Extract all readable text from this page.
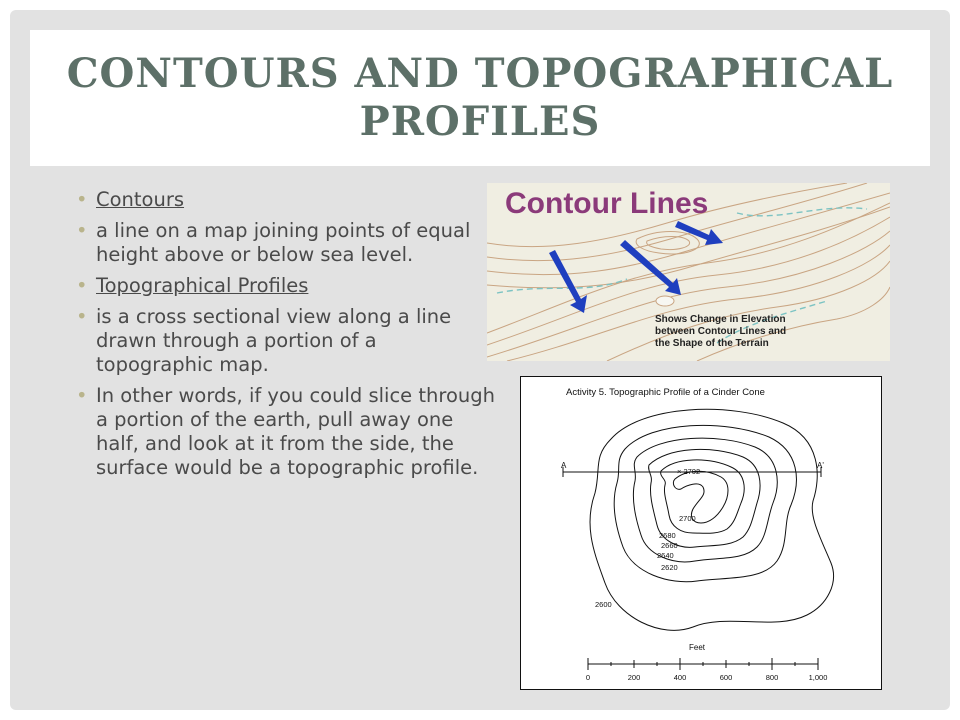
CONTOURS AND TOPOGRAPHICAL PROFILES
• Contours
• a line on a map joining points of equal height above or below sea level.
• Topographical Profiles
• is a cross sectional view along a line drawn through a portion of a topographic map.
• In other words, if you could slice through a portion of the earth, pull away one half, and look at it from the side, the surface would be a topographic profile.
Contour Lines
Shows Change in Elevation
between Contour Lines and
the Shape of the Terrain
Activity 5. Topographic Profile of a Cinder Cone
A	A'
× 2702
2700
2680
2660
2640
2620
2600
Feet
0	200	400	600	800	1,000
